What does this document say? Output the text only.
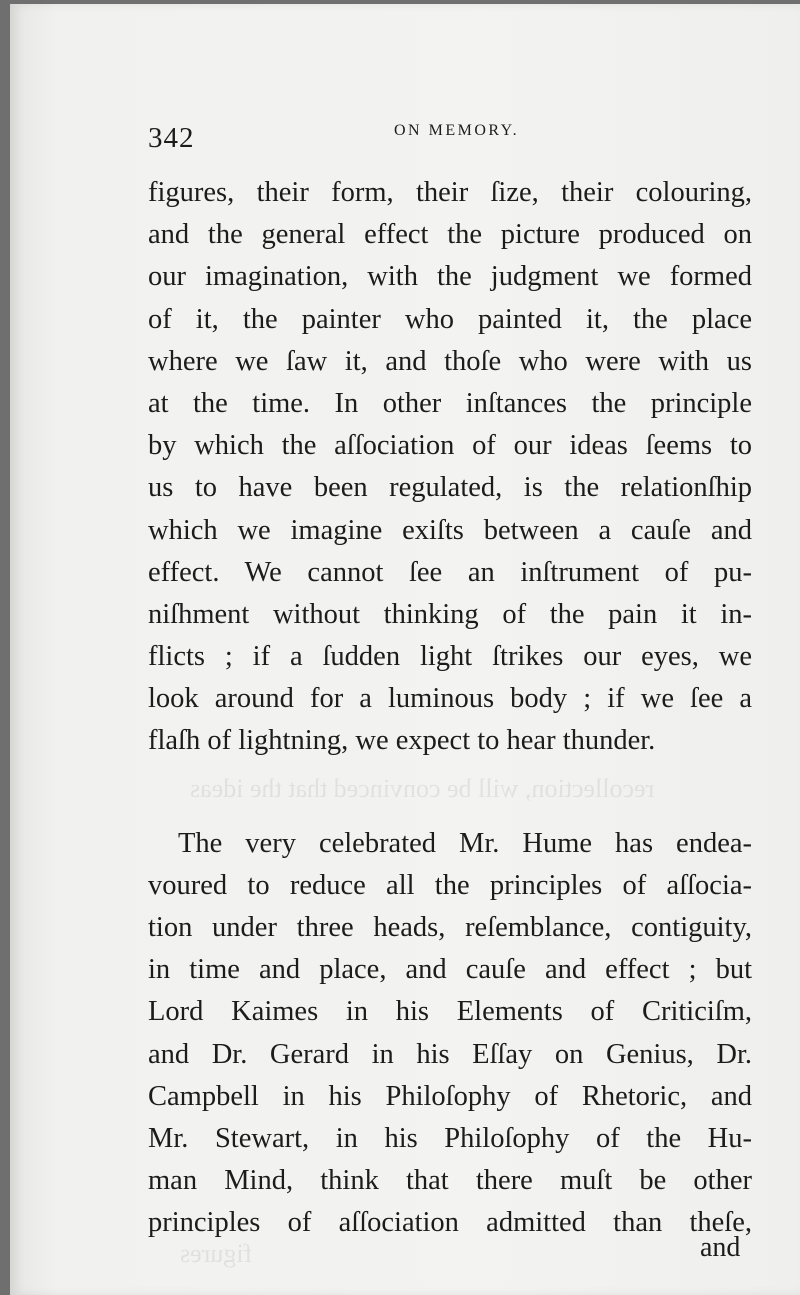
recollection, will be convinced that the ideas
figures
342	ON MEMORY.
figures, their form, their ſize, their colouring,
and the general effect the picture produced on
our imagination, with the judgment we formed
of it, the painter who painted it, the place
where we ſaw it, and thoſe who were with us
at the time. In other inſtances the principle
by which the aſſociation of our ideas ſeems to
us to have been regulated, is the relationſhip
which we imagine exiſts between a cauſe and
effect. We cannot ſee an inſtrument of pu-
niſhment without thinking of the pain it in-
flicts ; if a ſudden light ſtrikes our eyes, we
look around for a luminous body ; if we ſee a
flaſh of lightning, we expect to hear thunder.
The very celebrated Mr. Hume has endea-
voured to reduce all the principles of aſſocia-
tion under three heads, reſemblance, contiguity,
in time and place, and cauſe and effect ; but
Lord Kaimes in his Elements of Criticiſm,
and Dr. Gerard in his Eſſay on Genius, Dr.
Campbell in his Philoſophy of Rhetoric, and
Mr. Stewart, in his Philoſophy of the Hu-
man Mind, think that there muſt be other
principles of aſſociation admitted than theſe,
and
